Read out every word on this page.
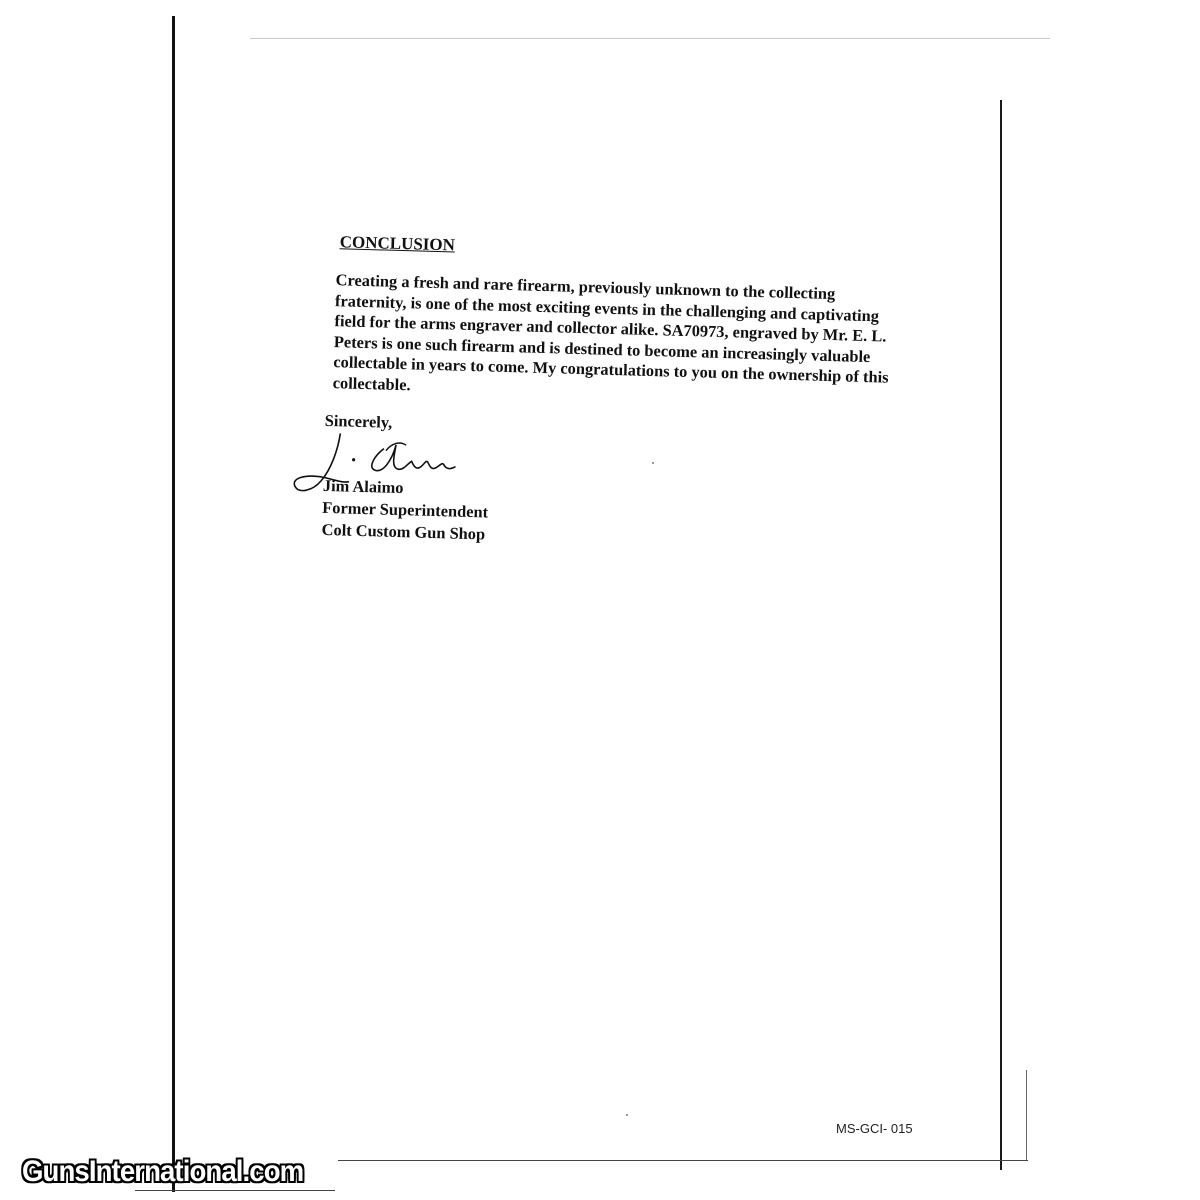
CONCLUSION

Creating a fresh and rare firearm, previously unknown to the collecting fraternity, is one of the most exciting events in the challenging and captivating field for the arms engraver and collector alike. SA70973, engraved by Mr. E. L. Peters is one such firearm and is destined to become an increasingly valuable collectable in years to come. My congratulations to you on the ownership of this collectable.

Sincerely,
Jim Alaimo
Former Superintendent
Colt Custom Gun Shop
MS-GCI- 015
GunsInternational.com
